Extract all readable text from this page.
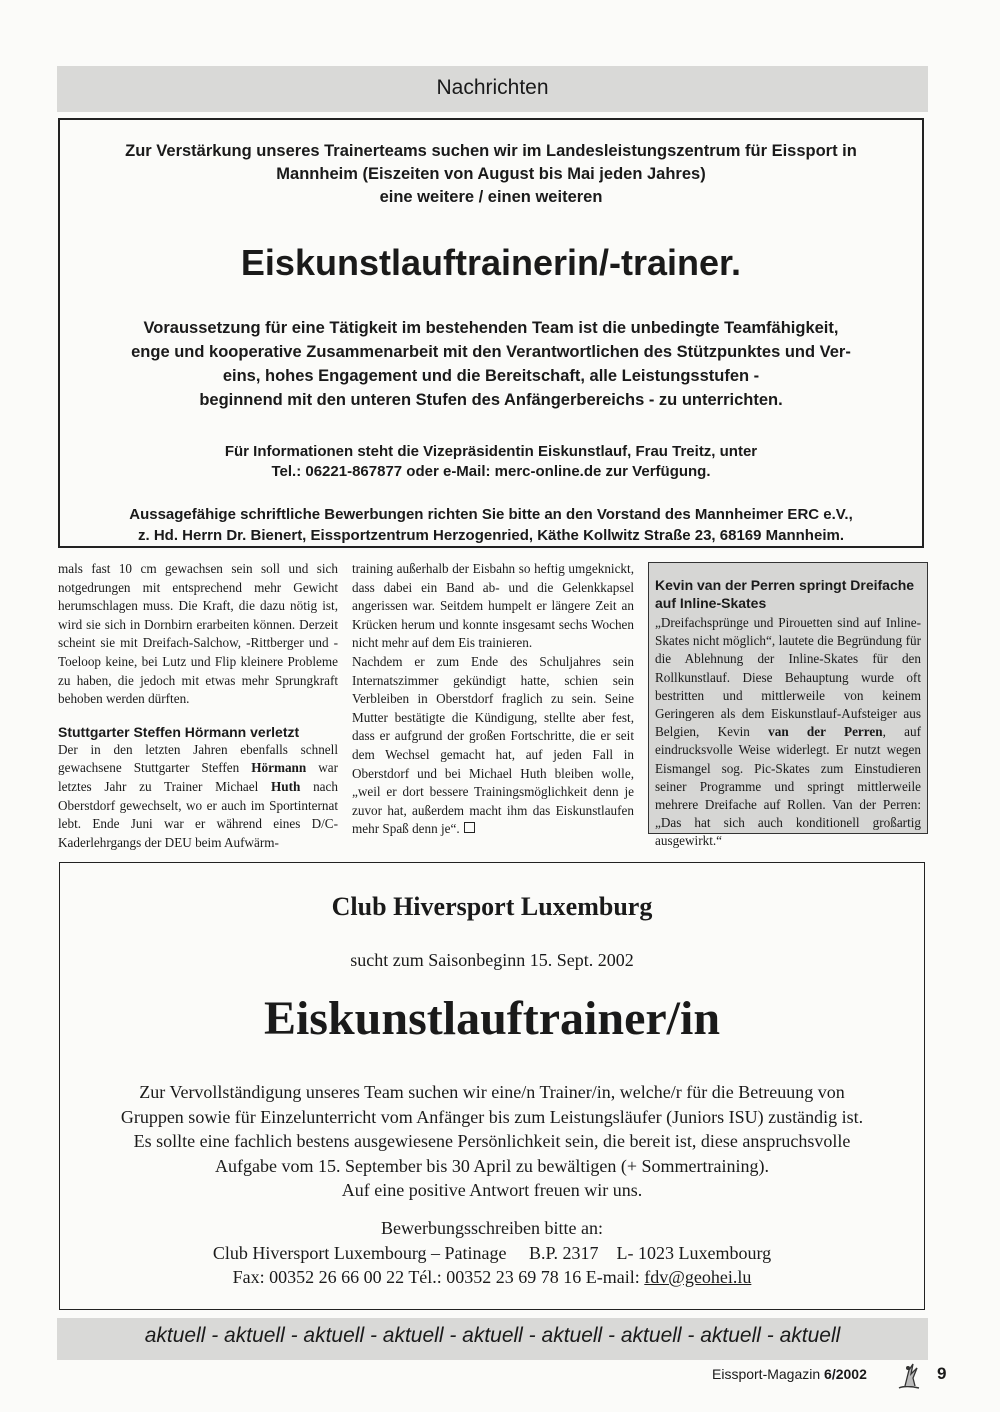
Nachrichten
Zur Verstärkung unseres Trainerteams suchen wir im Landesleistungszentrum für Eissport in
Mannheim (Eiszeiten von August bis Mai jeden Jahres)
eine weitere / einen weiteren
Voraussetzung für eine Tätigkeit im bestehenden Team ist die unbedingte Teamfähigkeit,
enge und kooperative Zusammenarbeit mit den Verantwortlichen des Stützpunktes und Ver-
eins, hohes Engagement und die Bereitschaft, alle Leistungsstufen -
beginnend mit den unteren Stufen des Anfängerbereichs - zu unterrichten.
Eiskunstlauftrainerin/-trainer.
Für Informationen steht die Vizepräsidentin Eiskunstlauf, Frau Treitz, unter
Tel.: 06221-867877 oder e-Mail: merc-online.de zur Verfügung.
Aussagefähige schriftliche Bewerbungen richten Sie bitte an den Vorstand des Mannheimer ERC e.V.,
z. Hd. Herrn Dr. Bienert, Eissportzentrum Herzogenried, Käthe Kollwitz Straße 23, 68169 Mannheim.

mals fast 10 cm gewachsen sein soll und sich notgedrungen mit entsprechend mehr Gewicht herumschlagen muss. Die Kraft, die dazu nötig ist, wird sie sich in Dornbirn erarbeiten können. Derzeit scheint sie mit Dreifach-Salchow, -Rittberger und -Toeloop keine, bei Lutz und Flip kleinere Probleme zu haben, die jedoch mit etwas mehr Sprungkraft behoben werden dürften.

Stuttgarter Steffen Hörmann verletzt

Der in den letzten Jahren ebenfalls schnell gewachsene Stuttgarter Steffen Hörmann war letztes Jahr zu Trainer Michael Huth nach Oberstdorf gewechselt, wo er auch im Sportinternat lebt. Ende Juni war er während eines D/C-Kaderlehrgangs der DEU beim Aufwärm-

training außerhalb der Eisbahn so heftig umgeknickt, dass dabei ein Band ab- und die Gelenkkapsel angerissen war. Seitdem humpelt er längere Zeit an Krücken herum und konnte insgesamt sechs Wochen nicht mehr auf dem Eis trainieren.

Nachdem er zum Ende des Schuljahres sein Internatszimmer gekündigt hatte, schien sein Verbleiben in Oberstdorf fraglich zu sein. Seine Mutter bestätigte die Kündigung, stellte aber fest, dass er aufgrund der großen Fortschritte, die er seit dem Wechsel gemacht hat, auf jeden Fall in Oberstdorf und bei Michael Huth bleiben wolle, „weil er dort bessere Trainingsmöglichkeit denn je zuvor hat, außerdem macht ihm das Eiskunstlaufen mehr Spaß denn je“.

Kevin van der Perren springt Dreifache auf Inline-Skates

„Dreifachsprünge und Pirouetten sind auf Inline-Skates nicht möglich“, lautete die Begründung für die Ablehnung der Inline-Skates für den Rollkunstlauf. Diese Behauptung wurde oft bestritten und mittlerweile von keinem Geringeren als dem Eiskunstlauf-Aufsteiger aus Belgien, Kevin van der Perren, auf eindrucksvolle Weise widerlegt. Er nutzt wegen Eismangel sog. Pic-Skates zum Einstudieren seiner Programme und springt mittlerweile mehrere Dreifache auf Rollen. Van der Perren: „Das hat sich auch konditionell großartig ausgewirkt.“

Club Hiversport Luxemburg
sucht zum Saisonbeginn 15. Sept. 2002
Eiskunstlauftrainer/in
Zur Vervollständigung unseres Team suchen wir eine/n Trainer/in, welche/r für die Betreuung von
Gruppen sowie für Einzelunterricht vom Anfänger bis zum Leistungsläufer (Juniors ISU) zuständig ist.
Es sollte eine fachlich bestens ausgewiesene Persönlichkeit sein, die bereit ist, diese anspruchsvolle
Aufgabe vom 15. September bis 30 April zu bewältigen (+ Sommertraining).
Auf eine positive Antwort freuen wir uns.
Bewerbungsschreiben bitte an:
Club Hiversport Luxembourg – Patinage     B.P. 2317    L- 1023 Luxembourg
Fax: 00352 26 66 00 22 Tél.: 00352 23 69 78 16 E-mail: fdv@geohei.lu
aktuell - aktuell - aktuell - aktuell - aktuell - aktuell - aktuell - aktuell - aktuell
Eissport-Magazin 6/2002	9
